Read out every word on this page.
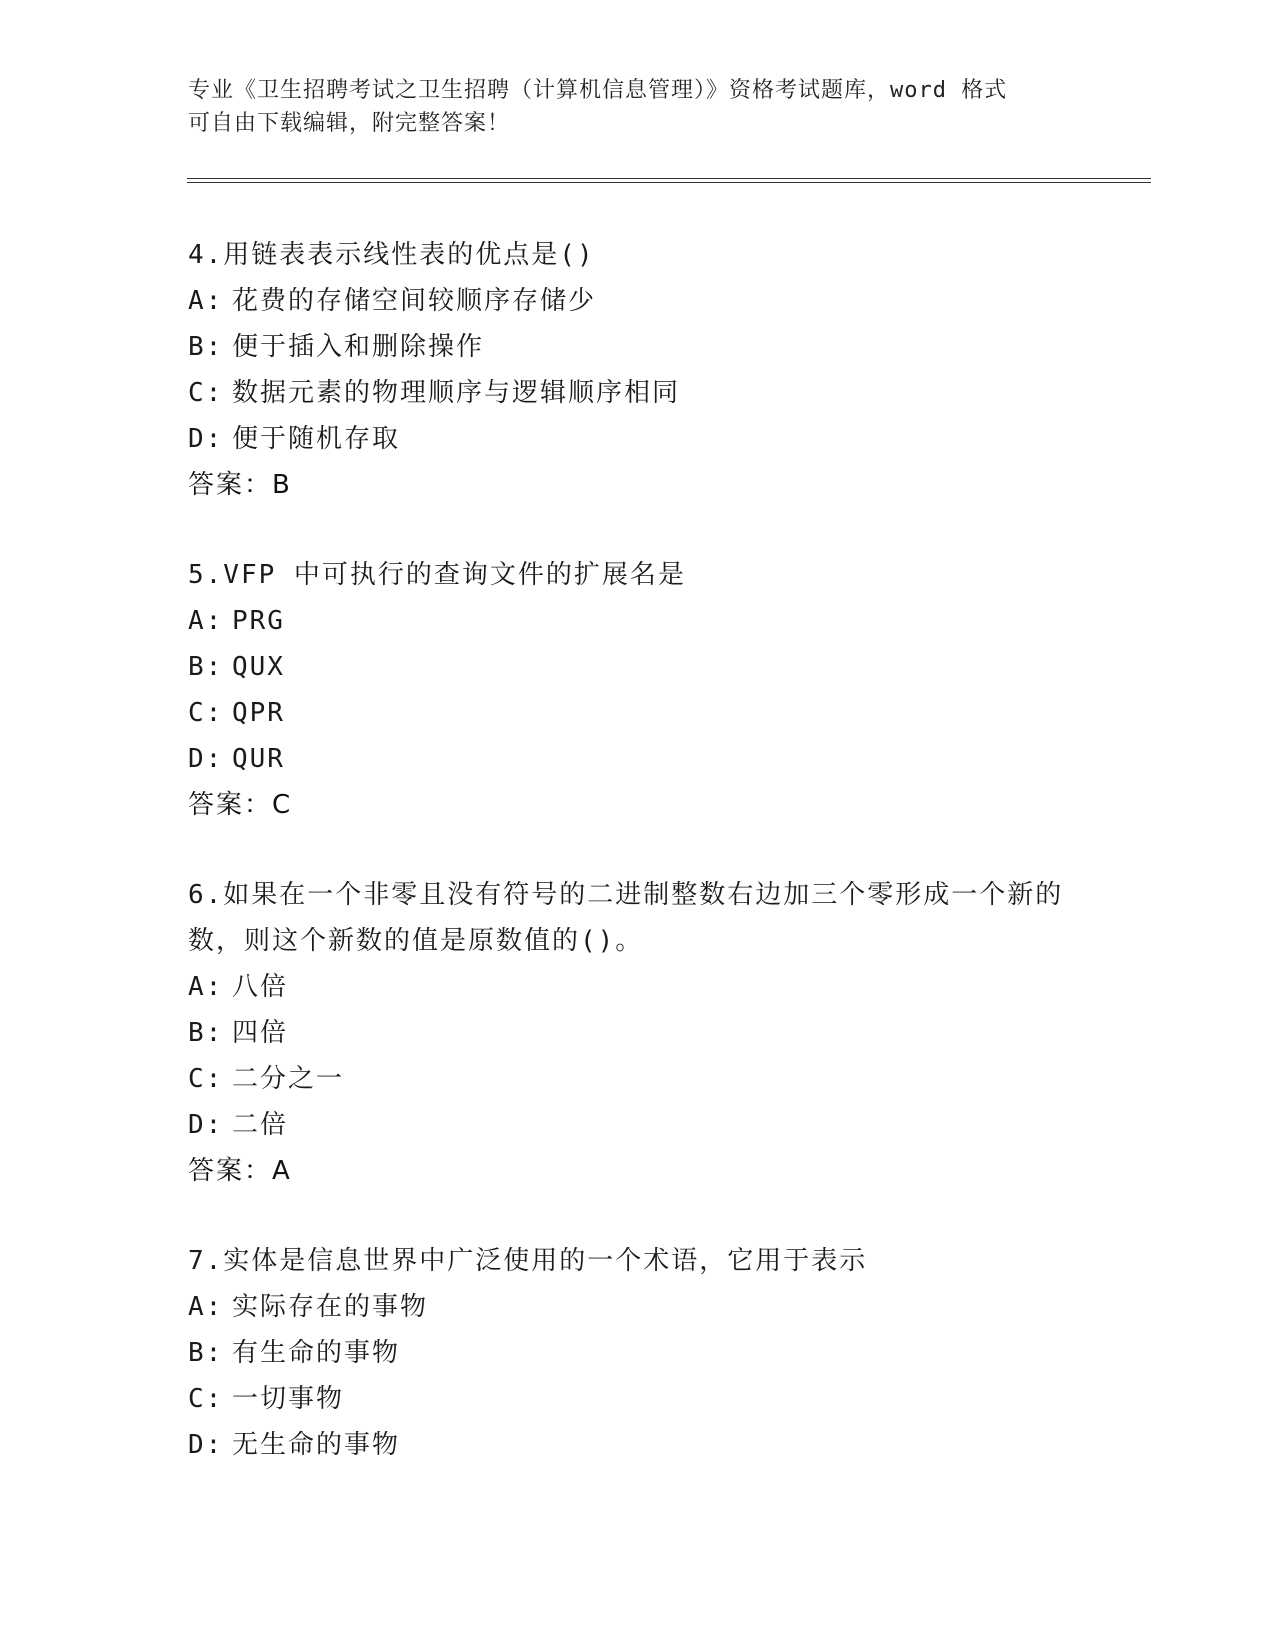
专业《卫生招聘考试之卫生招聘（计算机信息管理）》资格考试题库，word 格式
可自由下载编辑，附完整答案！
4.用链表表示线性表的优点是()
A: 花费的存储空间较顺序存储少
B: 便于插入和删除操作
C: 数据元素的物理顺序与逻辑顺序相同
D: 便于随机存取
答案：B
5.VFP 中可执行的查询文件的扩展名是
A: PRG
B: QUX
C: QPR
D: QUR
答案：C
6.如果在一个非零且没有符号的二进制整数右边加三个零形成一个新的数，则这个新数的值是原数值的()。
A: 八倍
B: 四倍
C: 二分之一
D: 二倍
答案：A
7.实体是信息世界中广泛使用的一个术语，它用于表示
A: 实际存在的事物
B: 有生命的事物
C: 一切事物
D: 无生命的事物
